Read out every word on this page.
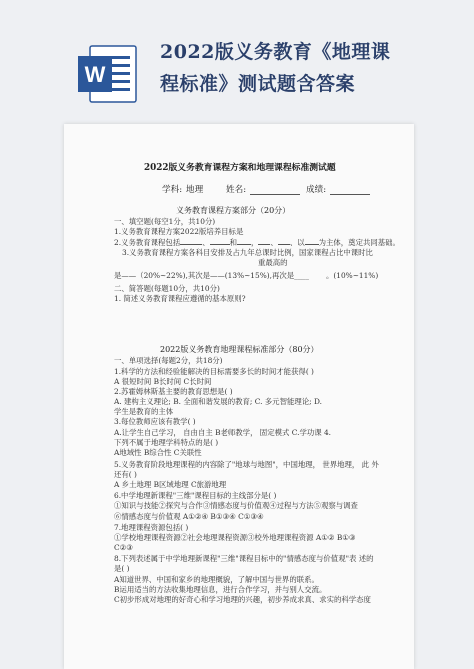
W
2022版义务教育《地理课
程标准》测试题含答案
2022版义务教育课程方案和地理课程标准测试题
学科: 地理	姓名:	成绩:
义务教育课程方案部分（20分）
一、填空题(每空1分，共10分)
1.义务教育课程方案2022版培养目标是
2.义务教育课程包括	、	和 ， 、 、以 为主体，奠定共同基础。
3.义务教育课程方案各科目安排及占九年总课时比例，国家课程占比中课时比
重最高的
是——（20%~22%),其次是——(13%~15%),再次是____ 。(10%~11%)
二、简答题(每题10分，共10分)
1. 简述义务教育课程应遵循的基本原则?
2022版义务教育地理课程标准部分（80分）
一、单项选择(每题2分，共18分)
1.科学的方法和经验能解决的目标需要多长的时间才能获得( )
A 很短时间 B长时间 C长时间
2.苏霍姆林斯基主要的教育思想是( )
A. 建构主义理论; B. 全面和谐发展的教育; C. 多元智能理论; D.
学生是教育的主体
3.每位教师应该有教学( )
A.让学生自己学习， 自由自主 B老师教学， 固定模式 C.学功课 4.
下列不属于地理学科特点的是( )
A地域性 B综合性 C关联性
5.义务教育阶段地理课程的内容除了"地球与地图"，中国地理， 世界地理， 此 外
还有( )
A 乡土地理 B区域地理 C旅游地理
6.中学地理新课程"三维"课程目标的主线部分是( )
①知识与技能②探究与合作③情感态度与价值观④过程与方法⑤观察与调查
⑥情感态度与价值观 A①②④ B①③④ C①③④
7.地理课程资源包括( )
①学校地理课程资源②社会地理课程资源③校外地理课程资源 A①② B①③
C②③
8.下列表述属于中学地理新课程"三维"课程目标中的"情感态度与价值观"表 述的
是( )
A知道世界、中国和家乡的地理概貌，了解中国与世界的联系。
B运用适当的方法收集地理信息，进行合作学习，并与别人交流。
C初步形成对地理的好奇心和学习地理的兴趣，初步养成求真、求实的科学态度
